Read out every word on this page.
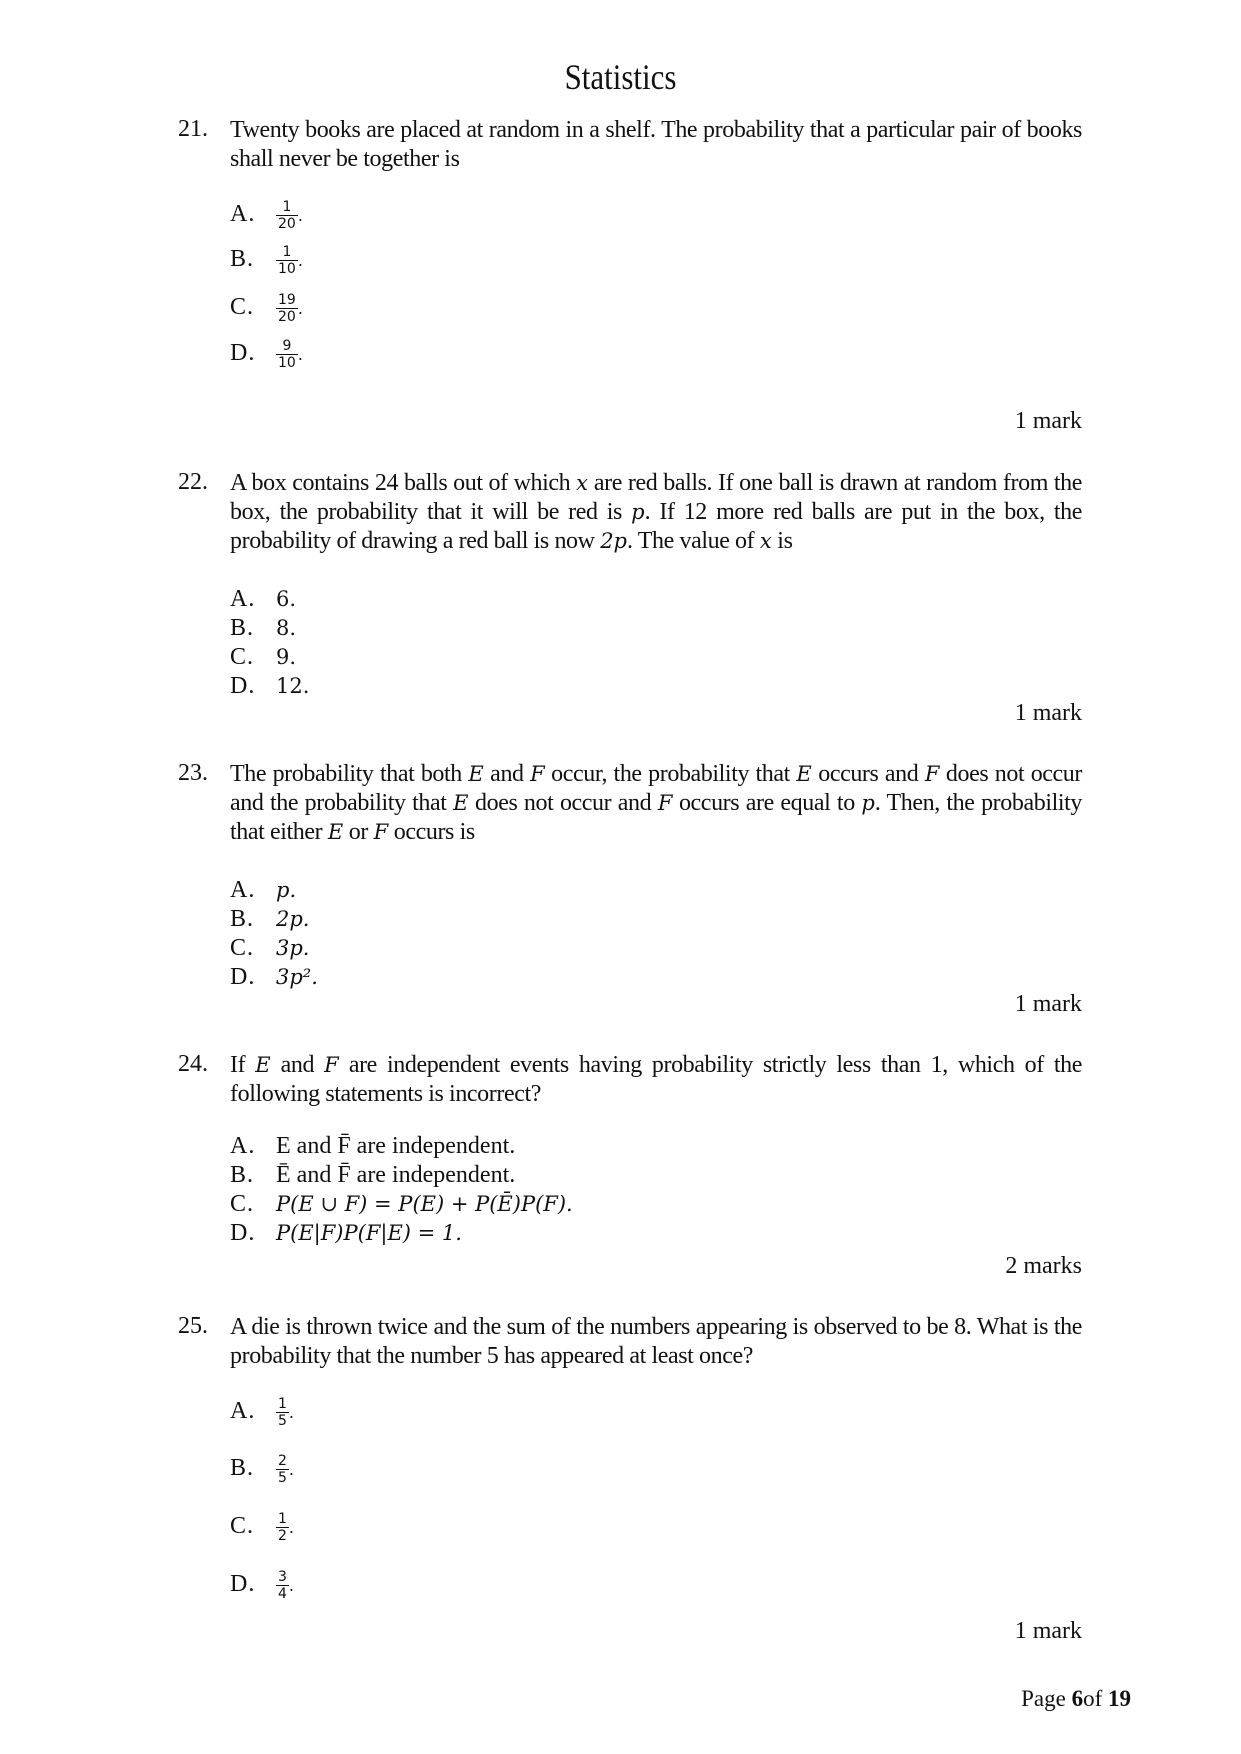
Statistics
21. Twenty books are placed at random in a shelf. The probability that a particular pair of books shall never be together is
A. $\frac{1}{20}$ .
B. $\frac{1}{10}$ .
C. $\frac{19}{20}$ .
D. $\frac{9}{10}$ .
1 mark
22. A box contains 24 balls out of which x are red balls. If one ball is drawn at random from the box, the probability that it will be red is p. If 12 more red balls are put in the box, the probability of drawing a red ball is now 2p. The value of x is
A. 6.
B. 8.
C. 9.
D. 12.
1 mark
23. The probability that both E and F occur, the probability that E occurs and F does not occur and the probability that E does not occur and F occurs are equal to p. Then, the probability that either E or F occurs is
A. p.
B. 2p.
C. 3p.
D. 3p².
1 mark
24. If E and F are independent events having probability strictly less than 1, which of the following statements is incorrect?
A. E and F̄ are independent.
B. Ē and F̄ are independent.
C. P(E ∪ F) = P(E) + P(Ē)P(F).
D. P(E|F)P(F|E) = 1.
2 marks
25. A die is thrown twice and the sum of the numbers appearing is observed to be 8. What is the probability that the number 5 has appeared at least once?
A. $\frac{1}{5}$ .
B. $\frac{2}{5}$ .
C. $\frac{1}{2}$ .
D. $\frac{3}{4}$ .
1 mark
Page 6of 19
